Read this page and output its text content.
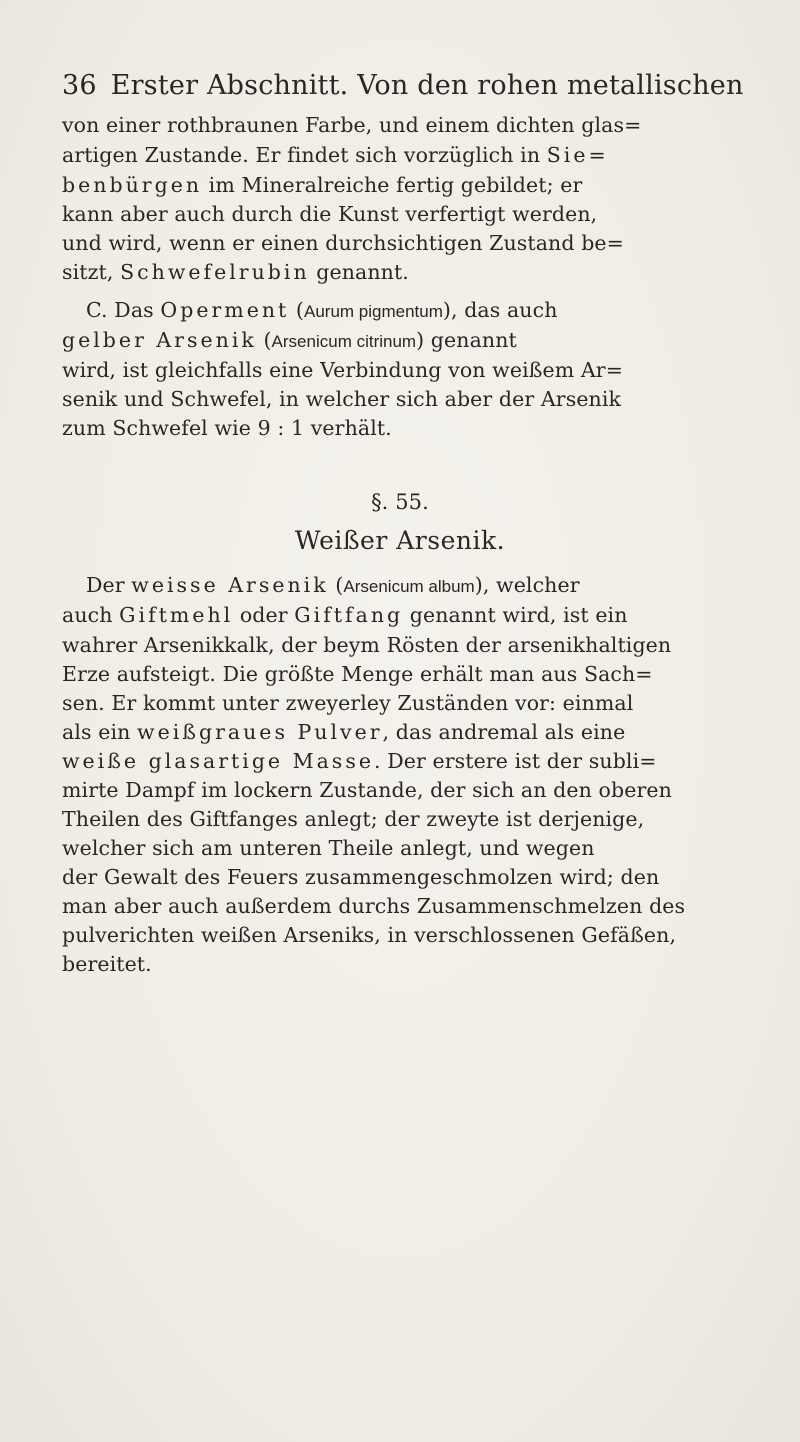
36 Erster Abschnitt. Von den rohen metallischen
von einer rothbraunen Farbe, und einem dichten glas=
artigen Zustande. Er findet sich vorzüglich in Sie=
benbürgen im Mineralreiche fertig gebildet; er
kann aber auch durch die Kunst verfertigt werden,
und wird, wenn er einen durchsichtigen Zustand be=
sitzt, Schwefelrubin genannt.
C. Das Operment (Aurum pigmentum), das auch
gelber Arsenik (Arsenicum citrinum) genannt
wird, ist gleichfalls eine Verbindung von weißem Ar=
senik und Schwefel, in welcher sich aber der Arsenik
zum Schwefel wie 9 : 1 verhält.
§. 55.
Weißer Arsenik.
Der weisse Arsenik (Arsenicum album), welcher
auch Giftmehl oder Giftfang genannt wird, ist ein
wahrer Arsenikkalk, der beym Rösten der arsenikhaltigen
Erze aufsteigt. Die größte Menge erhält man aus Sach=
sen. Er kommt unter zweyerley Zuständen vor: einmal
als ein weißgraues Pulver, das andremal als eine
weiße glasartige Masse. Der erstere ist der subli=
mirte Dampf im lockern Zustande, der sich an den oberen
Theilen des Giftfanges anlegt; der zweyte ist derjenige,
welcher sich am unteren Theile anlegt, und wegen
der Gewalt des Feuers zusammengeschmolzen wird; den
man aber auch außerdem durchs Zusammenschmelzen des
pulverichten weißen Arseniks, in verschlossenen Gefäßen,
bereitet.
